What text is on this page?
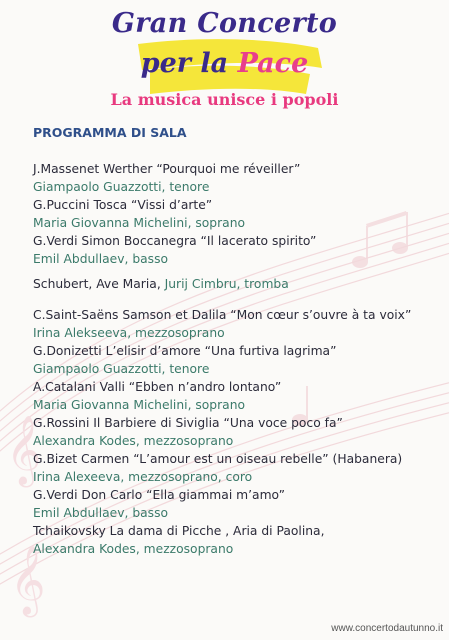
𝄞
𝄞
Gran Concerto
per la Pace
La musica unisce i popoli
PROGRAMMA DI SALA
J.Massenet Werther “Pourquoi me réveiller”
Giampaolo Guazzotti, tenore
G.Puccini Tosca “Vissi d’arte”
Maria Giovanna Michelini, soprano
G.Verdi Simon Boccanegra “Il lacerato spirito”
Emil Abdullaev, basso
Schubert, Ave Maria, Jurij Cimbru, tromba
C.Saint-Saëns Samson et Dalila “Mon cœur s’ouvre à ta voix”
Irina Alekseeva, mezzosoprano
G.Donizetti L’elisir d’amore “Una furtiva lagrima”
Giampaolo Guazzotti, tenore
A.Catalani Valli “Ebben n’andro lontano”
Maria Giovanna Michelini, soprano
G.Rossini Il Barbiere di Siviglia “Una voce poco fa”
Alexandra Kodes, mezzosoprano
G.Bizet Carmen “L’amour est un oiseau rebelle” (Habanera)
Irina Alexeeva, mezzosoprano, coro
G.Verdi Don Carlo “Ella giammai m’amo”
Emil Abdullaev, basso
Tchaikovsky La dama di Picche , Aria di Paolina,
Alexandra Kodes, mezzosoprano
www.concertodautunno.it
